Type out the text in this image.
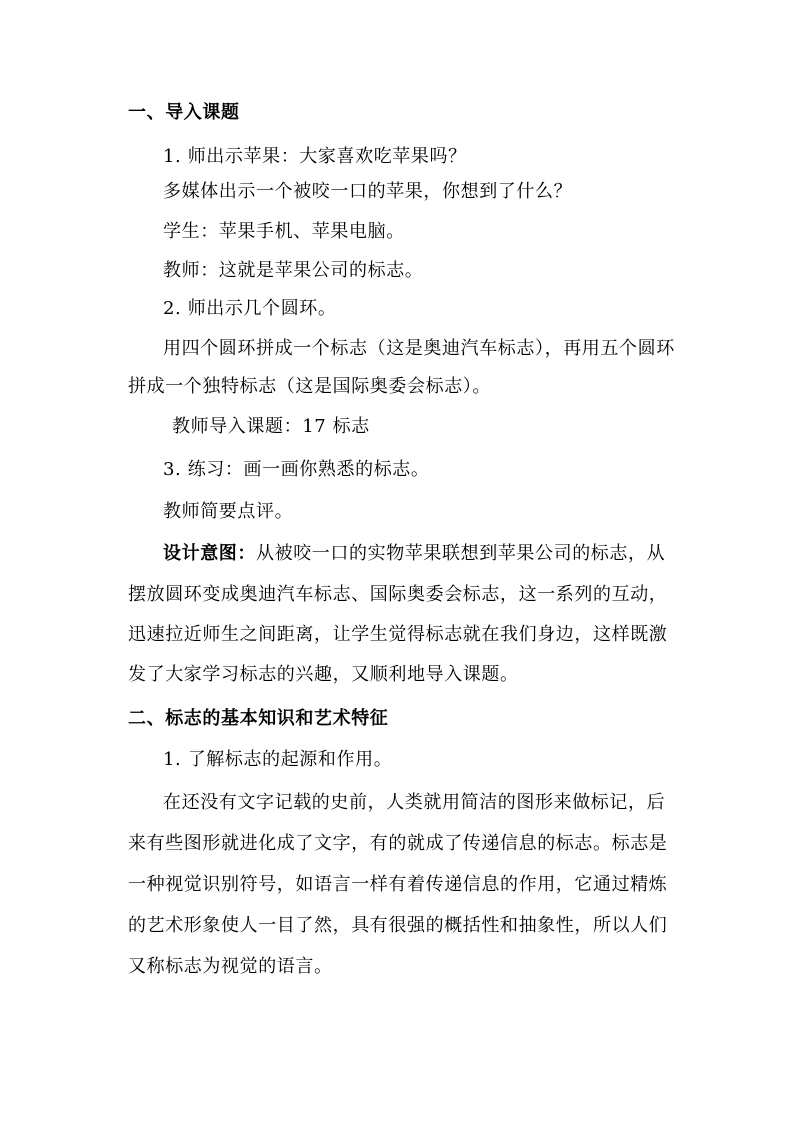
一、导入课题
1. 师出示苹果：大家喜欢吃苹果吗？
多媒体出示一个被咬一口的苹果，你想到了什么？
学生：苹果手机、苹果电脑。
教师：这就是苹果公司的标志。
2. 师出示几个圆环。
用四个圆环拼成一个标志（这是奥迪汽车标志），再用五个圆环
拼成一个独特标志（这是国际奥委会标志）。
教师导入课题：17 标志
3. 练习：画一画你熟悉的标志。
教师简要点评。
设计意图：从被咬一口的实物苹果联想到苹果公司的标志，从
摆放圆环变成奥迪汽车标志、国际奥委会标志，这一系列的互动，
迅速拉近师生之间距离，让学生觉得标志就在我们身边，这样既激
发了大家学习标志的兴趣，又顺利地导入课题。
二、标志的基本知识和艺术特征
1. 了解标志的起源和作用。
在还没有文字记载的史前，人类就用简洁的图形来做标记，后
来有些图形就进化成了文字，有的就成了传递信息的标志。标志是
一种视觉识别符号，如语言一样有着传递信息的作用，它通过精炼
的艺术形象使人一目了然，具有很强的概括性和抽象性，所以人们
又称标志为视觉的语言。
